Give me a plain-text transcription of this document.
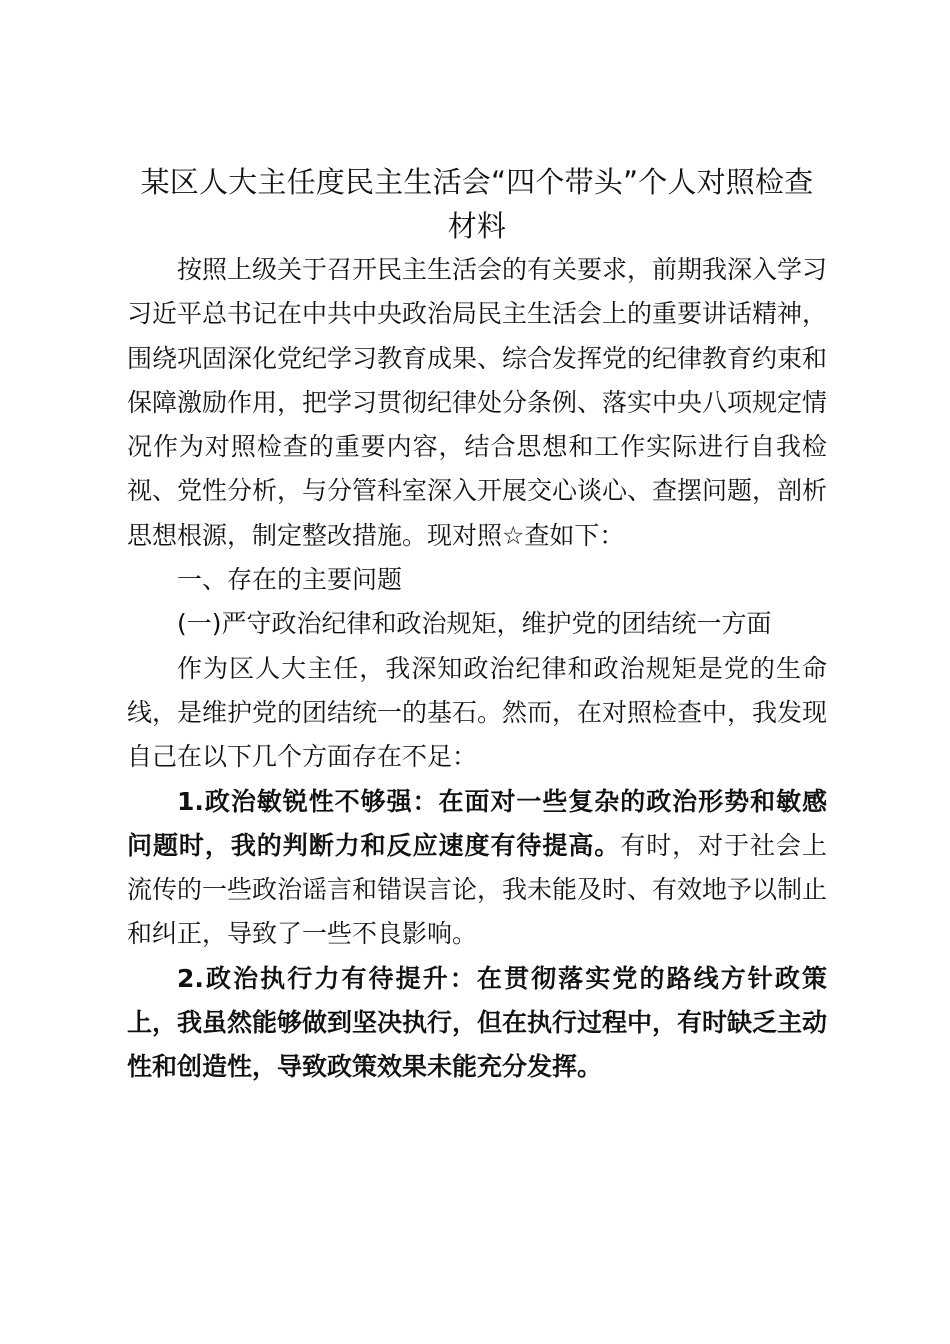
某区人大主任度民主生活会“四个带头”个人对照检查材料

按照上级关于召开民主生活会的有关要求，前期我深入学习习近平总书记在中共中央政治局民主生活会上的重要讲话精神，围绕巩固深化党纪学习教育成果、综合发挥党的纪律教育约束和保障激励作用，把学习贯彻纪律处分条例、落实中央八项规定情况作为对照检查的重要内容，结合思想和工作实际进行自我检视、党性分析，与分管科室深入开展交心谈心、查摆问题，剖析思想根源，制定整改措施。现对照☆查如下：

一、存在的主要问题

(一)严守政治纪律和政治规矩，维护党的团结统一方面

作为区人大主任，我深知政治纪律和政治规矩是党的生命线，是维护党的团结统一的基石。然而，在对照检查中，我发现自己在以下几个方面存在不足：

1.政治敏锐性不够强：在面对一些复杂的政治形势和敏感问题时，我的判断力和反应速度有待提高。有时，对于社会上流传的一些政治谣言和错误言论，我未能及时、有效地予以制止和纠正，导致了一些不良影响。

2.政治执行力有待提升：在贯彻落实党的路线方针政策上，我虽然能够做到坚决执行，但在执行过程中，有时缺乏主动性和创造性，导致政策效果未能充分发挥。
